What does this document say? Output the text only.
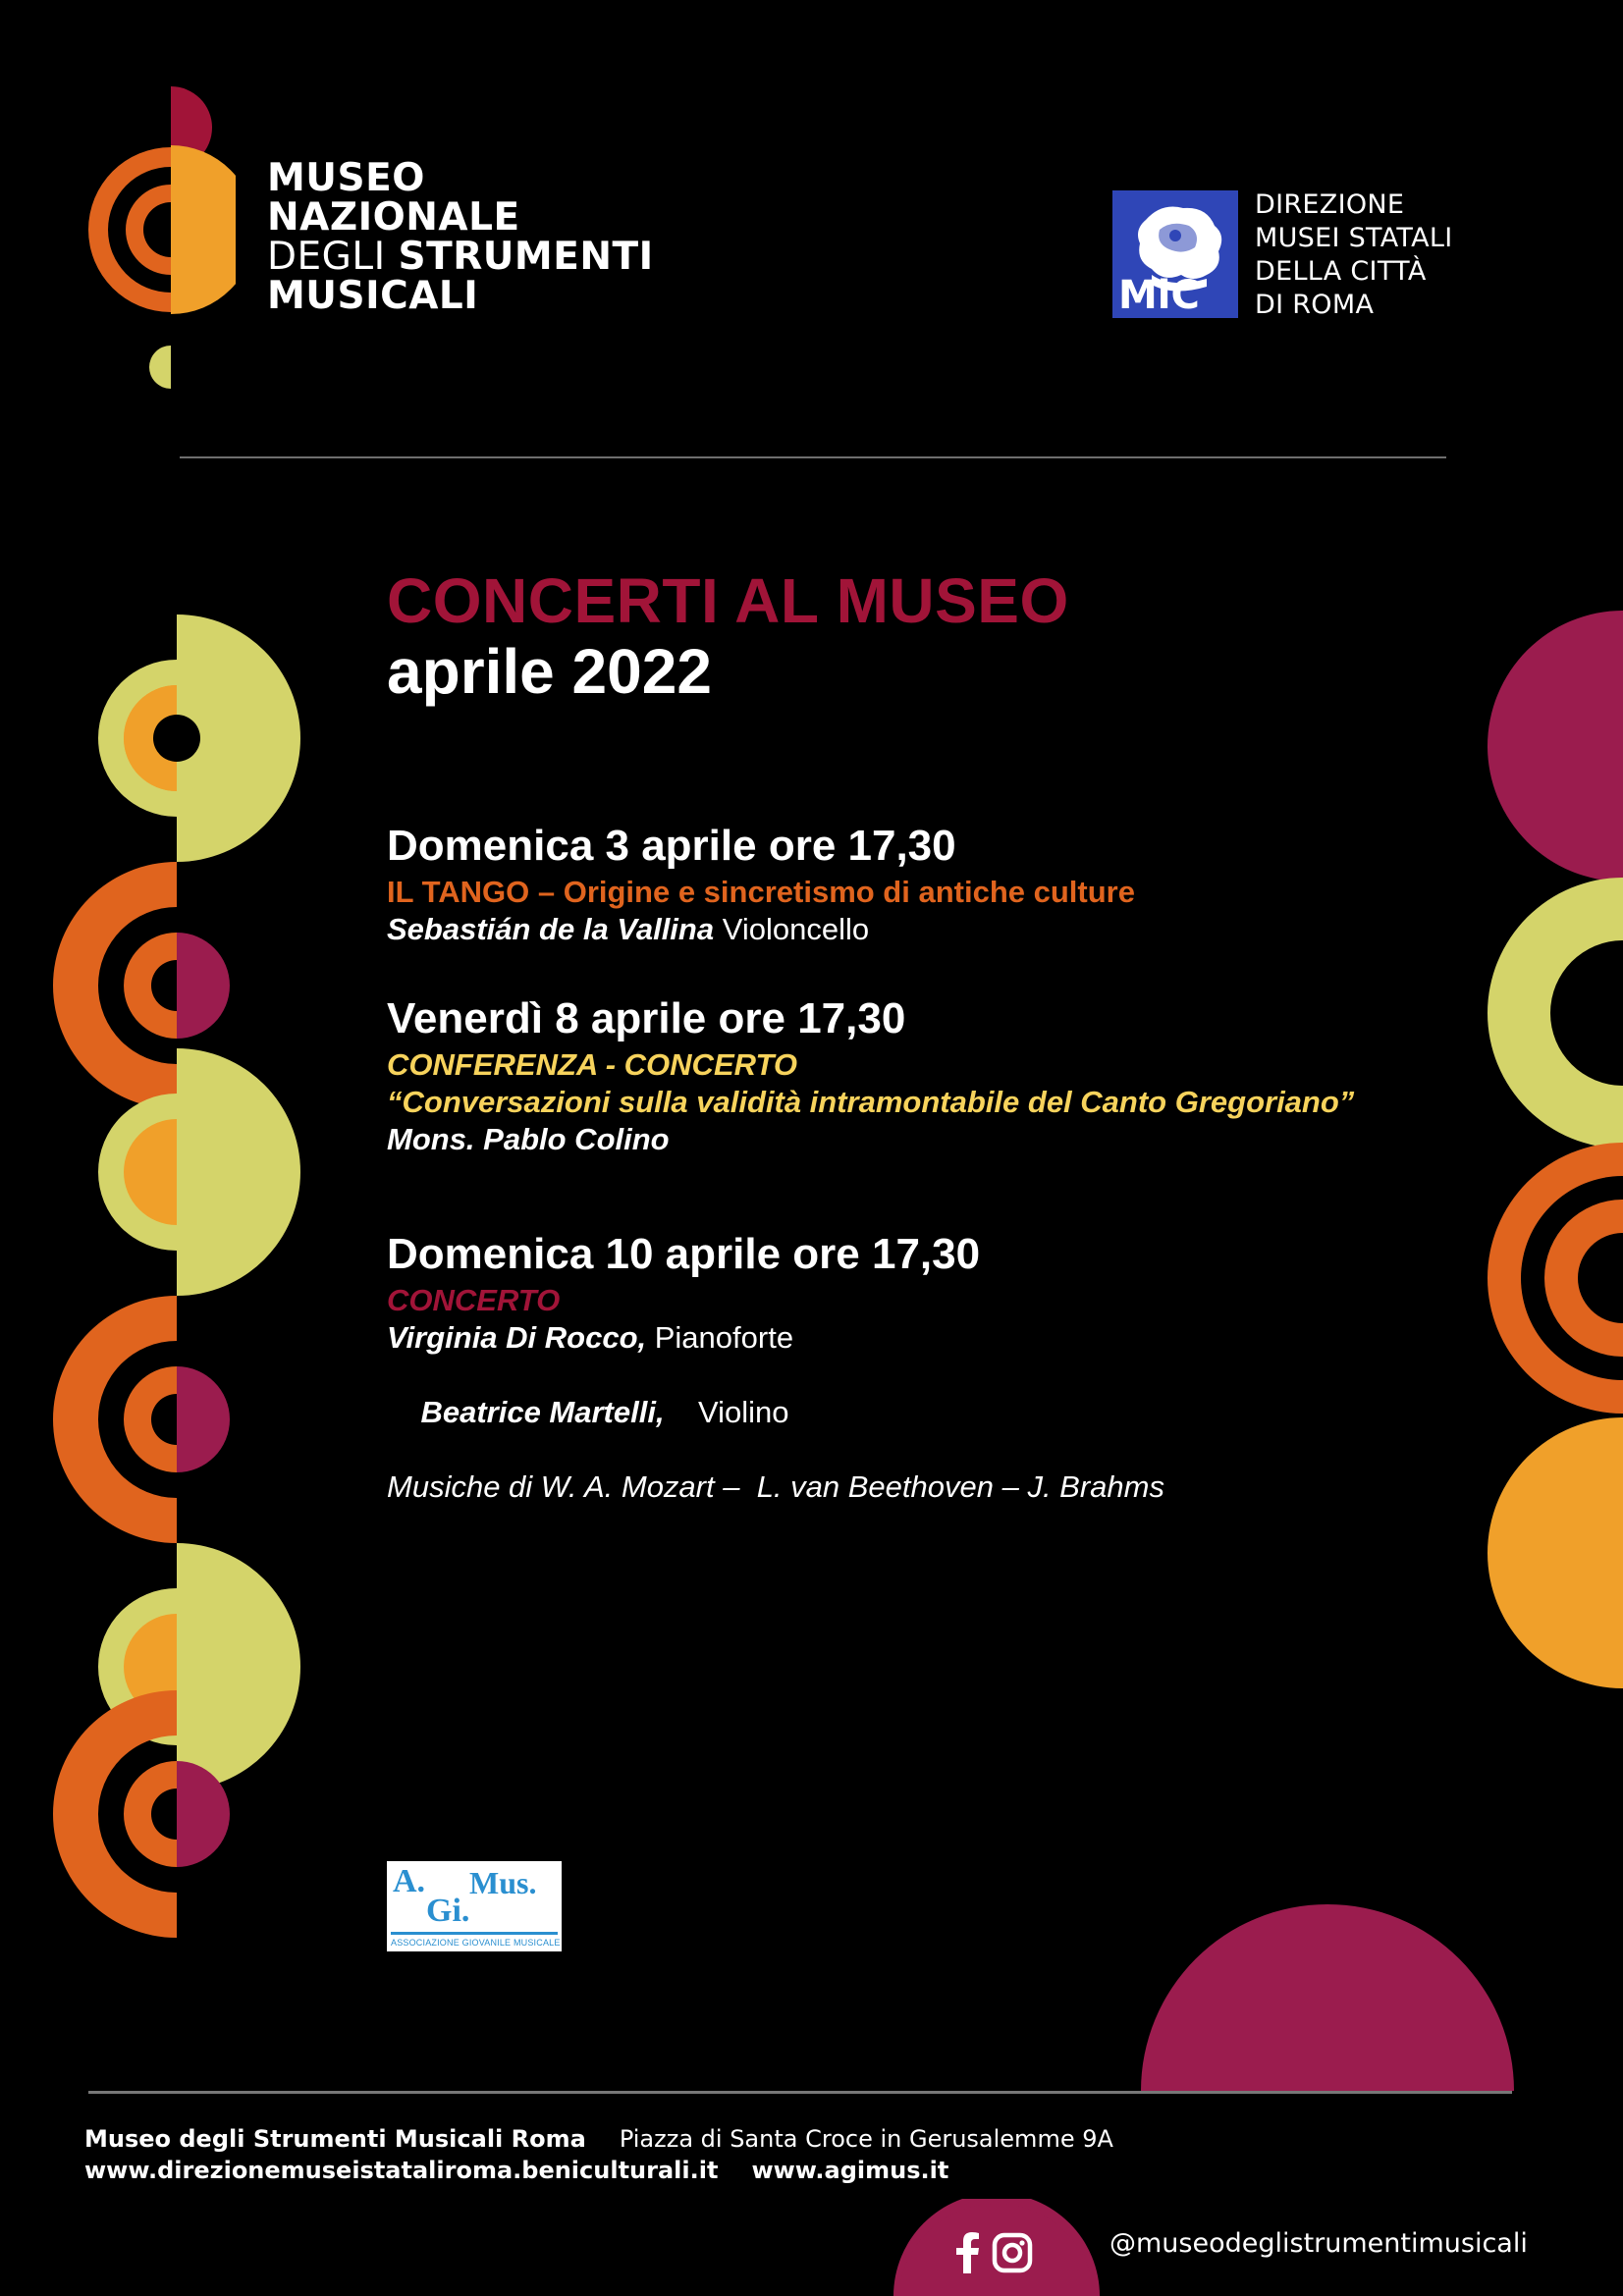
MUSEO
NAZIONALE
DEGLI STRUMENTI
MUSICALI	MiC
DIREZIONE
MUSEI STATALI
DELLA CITTÀ
DI ROMA
CONCERTI AL MUSEO
aprile 2022
Domenica 3 aprile ore 17,30
IL TANGO – Origine e sincretismo di antiche culture
Sebastián de la Vallina Violoncello
Venerdì 8 aprile ore 17,30
CONFERENZA - CONCERTO
“Conversazioni sulla validità intramontabile del Canto Gregoriano”
Mons. Pablo Colino
Domenica 10 aprile ore 17,30
CONCERTO
Virginia Di Rocco, Pianoforte

Beatrice Martelli,    Violino

Musiche di W. A. Mozart –  L. van Beethoven – J. Brahms
A.
Gi.
Mus.
ASSOCIAZIONE GIOVANILE MUSICALE
Museo degli Strumenti Musicali Roma Piazza di Santa Croce in Gerusalemme 9A
www.direzionemuseistataliroma.beniculturali.it www.agimus.it
@museodeglistrumentimusicali
